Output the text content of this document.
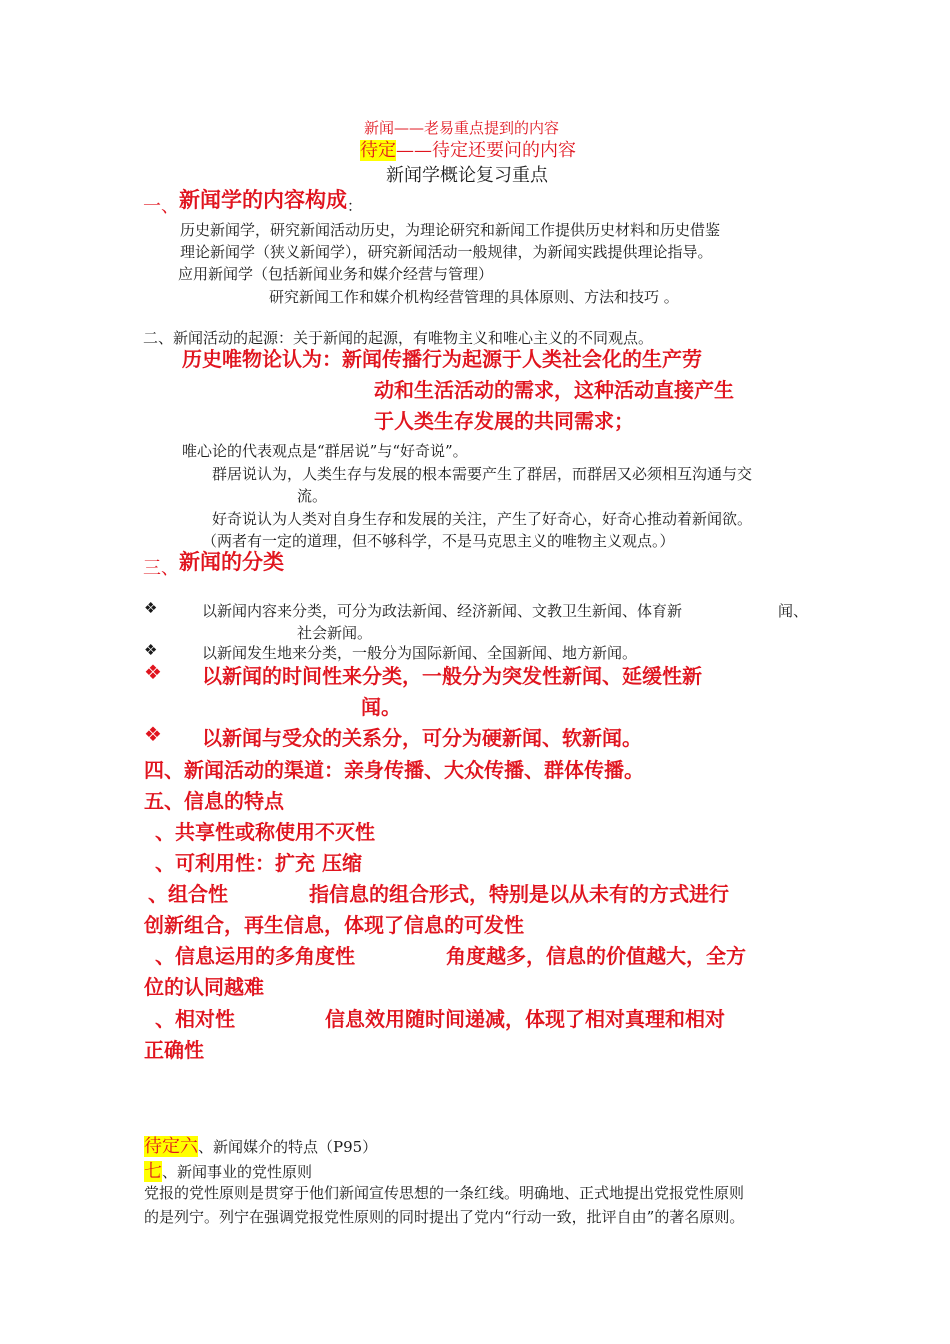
新闻——老易重点提到的内容
待定——待定还要问的内容
新闻学概论复习重点
一、新闻学的内容构成：
历史新闻学，研究新闻活动历史，为理论研究和新闻工作提供历史材料和历史借鉴
理论新闻学（狭义新闻学），研究新闻活动一般规律，为新闻实践提供理论指导。
应用新闻学（包括新闻业务和媒介经营与管理）
研究新闻工作和媒介机构经营管理的具体原则、方法和技巧 。
二、新闻活动的起源：关于新闻的起源，有唯物主义和唯心主义的不同观点。
历史唯物论认为：新闻传播行为起源于人类社会化的生产劳
动和生活活动的需求，这种活动直接产生
于人类生存发展的共同需求；
唯心论的代表观点是“群居说”与“好奇说”。
群居说认为，人类生存与发展的根本需要产生了群居，而群居又必须相互沟通与交
流。
好奇说认为人类对自身生存和发展的关注，产生了好奇心，好奇心推动着新闻欲。
（两者有一定的道理，但不够科学，不是马克思主义的唯物主义观点。）
三、新闻的分类
❖	以新闻内容来分类，可分为政法新闻、经济新闻、文教卫生新闻、体育新	闻、
社会新闻。
❖	以新闻发生地来分类，一般分为国际新闻、全国新闻、地方新闻。
❖ 以新闻的时间性来分类，一般分为突发性新闻、延缓性新
闻。
❖ 以新闻与受众的关系分，可分为硬新闻、软新闻。
四、新闻活动的渠道：亲身传播、大众传播、群体传播。
五、信息的特点
、共享性或称使用不灭性
、可利用性：扩充 压缩
、组合性	指信息的组合形式，特别是以从未有的方式进行
创新组合，再生信息，体现了信息的可发性
、信息运用的多角度性	角度越多，信息的价值越大，全方
位的认同越难
、相对性	信息效用随时间递减，体现了相对真理和相对
正确性
待定六、新闻媒介的特点（P95）
七、新闻事业的党性原则
党报的党性原则是贯穿于他们新闻宣传思想的一条红线。明确地、正式地提出党报党性原则
的是列宁。列宁在强调党报党性原则的同时提出了党内“行动一致，批评自由”的著名原则。
